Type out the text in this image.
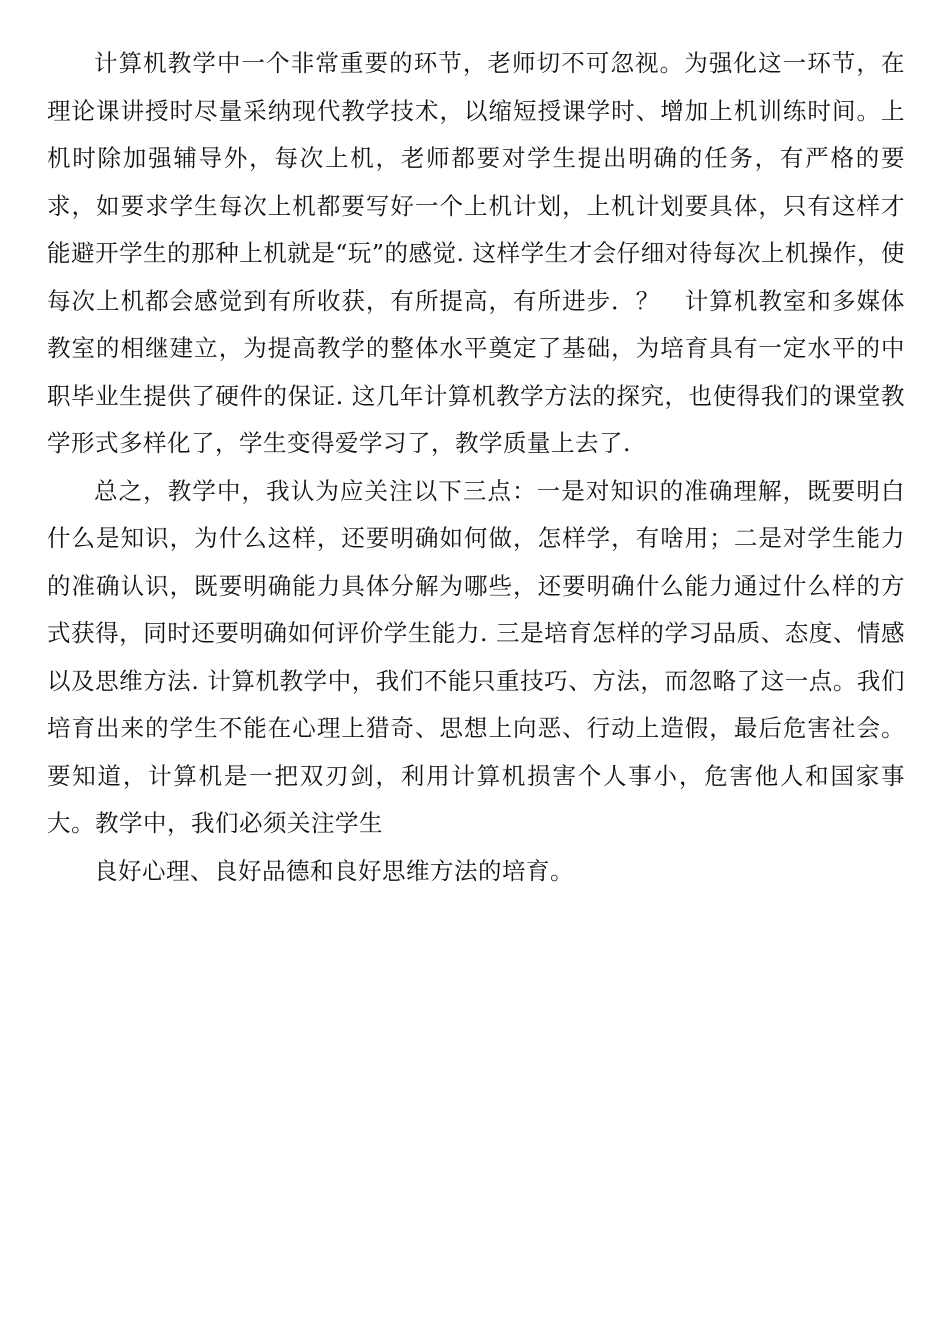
计算机教学中一个非常重要的环节，老师切不可忽视。为强化这一环节，在理论课讲授时尽量采纳现代教学技术，以缩短授课学时、增加上机训练时间。上机时除加强辅导外，每次上机，老师都要对学生提出明确的任务，有严格的要求，如要求学生每次上机都要写好一个上机计划，上机计划要具体，只有这样才能避开学生的那种上机就是“玩”的感觉. 这样学生才会仔细对待每次上机操作，使每次上机都会感觉到有所收获，有所提高，有所进步．？　计算机教室和多媒体教室的相继建立，为提高教学的整体水平奠定了基础，为培育具有一定水平的中职毕业生提供了硬件的保证. 这几年计算机教学方法的探究，也使得我们的课堂教学形式多样化了，学生变得爱学习了，教学质量上去了.

总之，教学中，我认为应关注以下三点：一是对知识的准确理解，既要明白什么是知识，为什么这样，还要明确如何做，怎样学，有啥用；二是对学生能力的准确认识，既要明确能力具体分解为哪些，还要明确什么能力通过什么样的方式获得，同时还要明确如何评价学生能力. 三是培育怎样的学习品质、态度、情感以及思维方法. 计算机教学中，我们不能只重技巧、方法，而忽略了这一点。我们培育出来的学生不能在心理上猎奇、思想上向恶、行动上造假，最后危害社会。要知道，计算机是一把双刃剑，利用计算机损害个人事小，危害他人和国家事大。教学中，我们必须关注学生

良好心理、良好品德和良好思维方法的培育。
